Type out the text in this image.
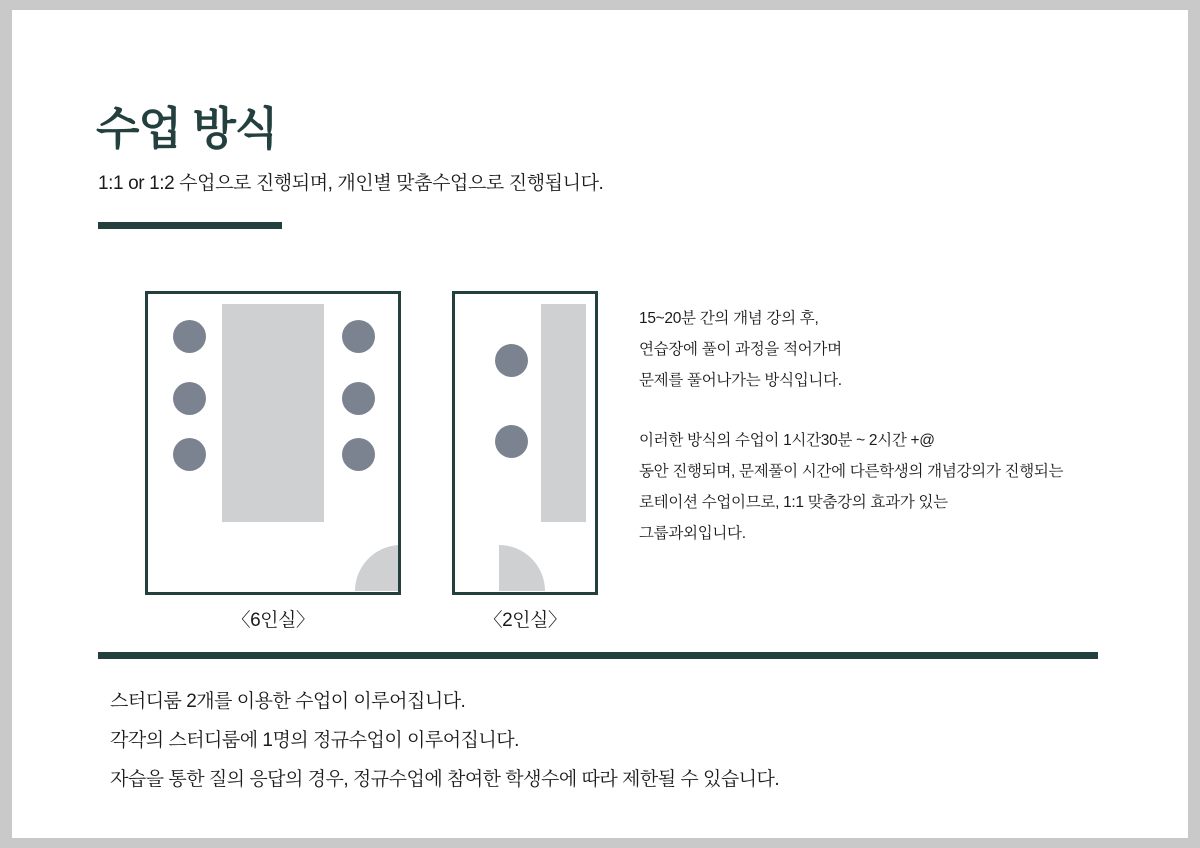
수업 방식
1:1 or 1:2 수업으로 진행되며, 개인별 맞춤수업으로 진행됩니다.
〈6인실〉	〈2인실〉

15~20분 간의 개념 강의 후,

연습장에 풀이 과정을 적어가며

문제를 풀어나가는 방식입니다.

이러한 방식의 수업이 1시간30분 ~ 2시간 +@

동안 진행되며, 문제풀이 시간에 다른학생의 개념강의가 진행되는

로테이션 수업이므로, 1:1 맞춤강의 효과가 있는

그룹과외입니다.

스터디룸 2개를 이용한 수업이 이루어집니다.

각각의 스터디룸에 1명의 정규수업이 이루어집니다.

자습을 통한 질의 응답의 경우, 정규수업에 참여한 학생수에 따라 제한될 수 있습니다.
